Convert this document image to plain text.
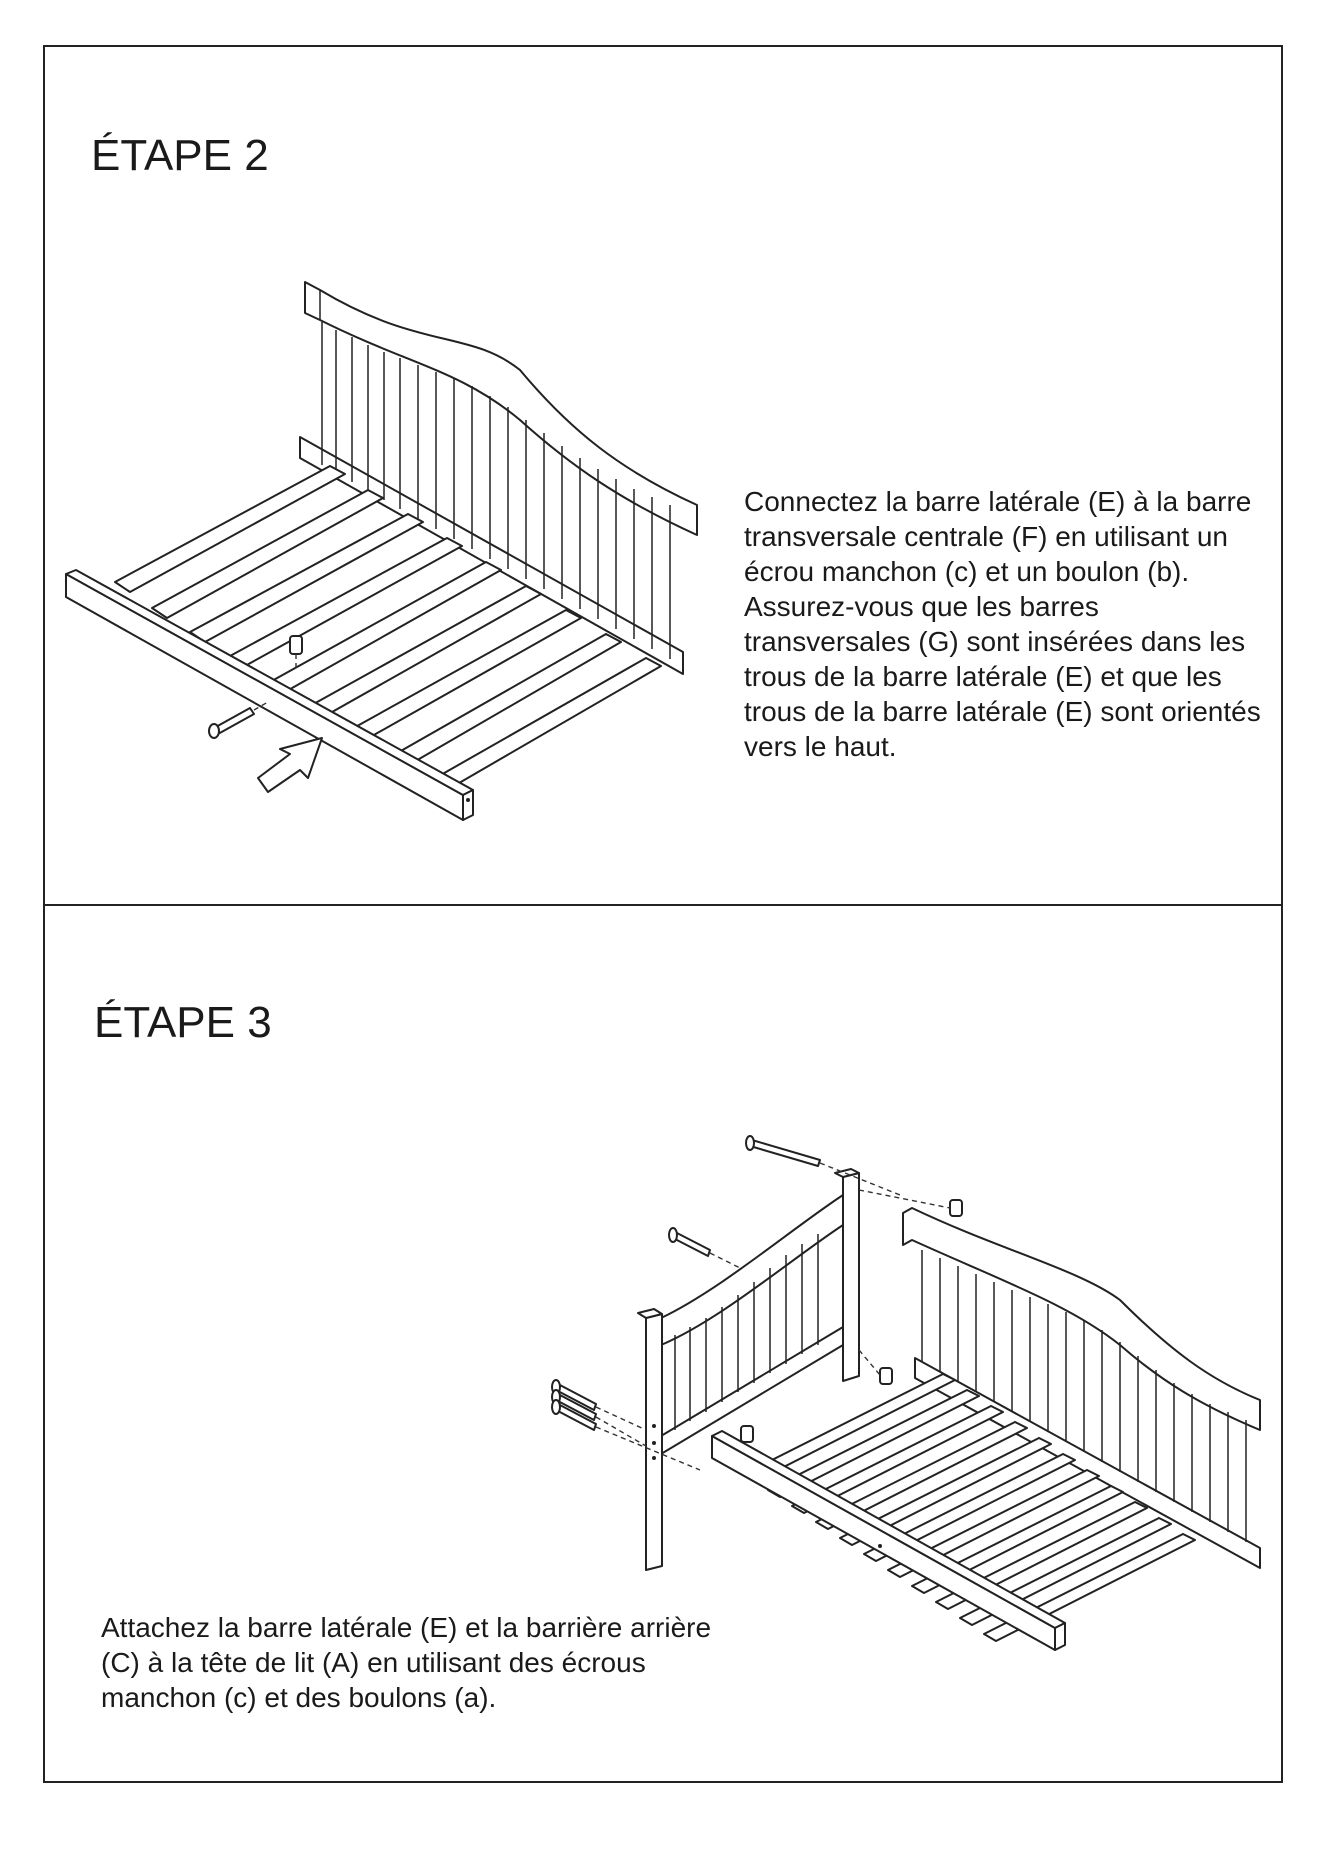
ÉTAPE 2

Connectez la barre latérale (E) à la barre transversale centrale (F) en utilisant un écrou manchon (c) et un boulon (b). Assurez-vous que les barres transversales (G) sont insérées dans les trous de la barre latérale (E) et que les trous de la barre latérale (E) sont orientés vers le haut.

ÉTAPE 3

Attachez la barre latérale (E) et la barrière arrière (C) à la tête de lit (A) en utilisant des écrous manchon (c) et des boulons (a).
